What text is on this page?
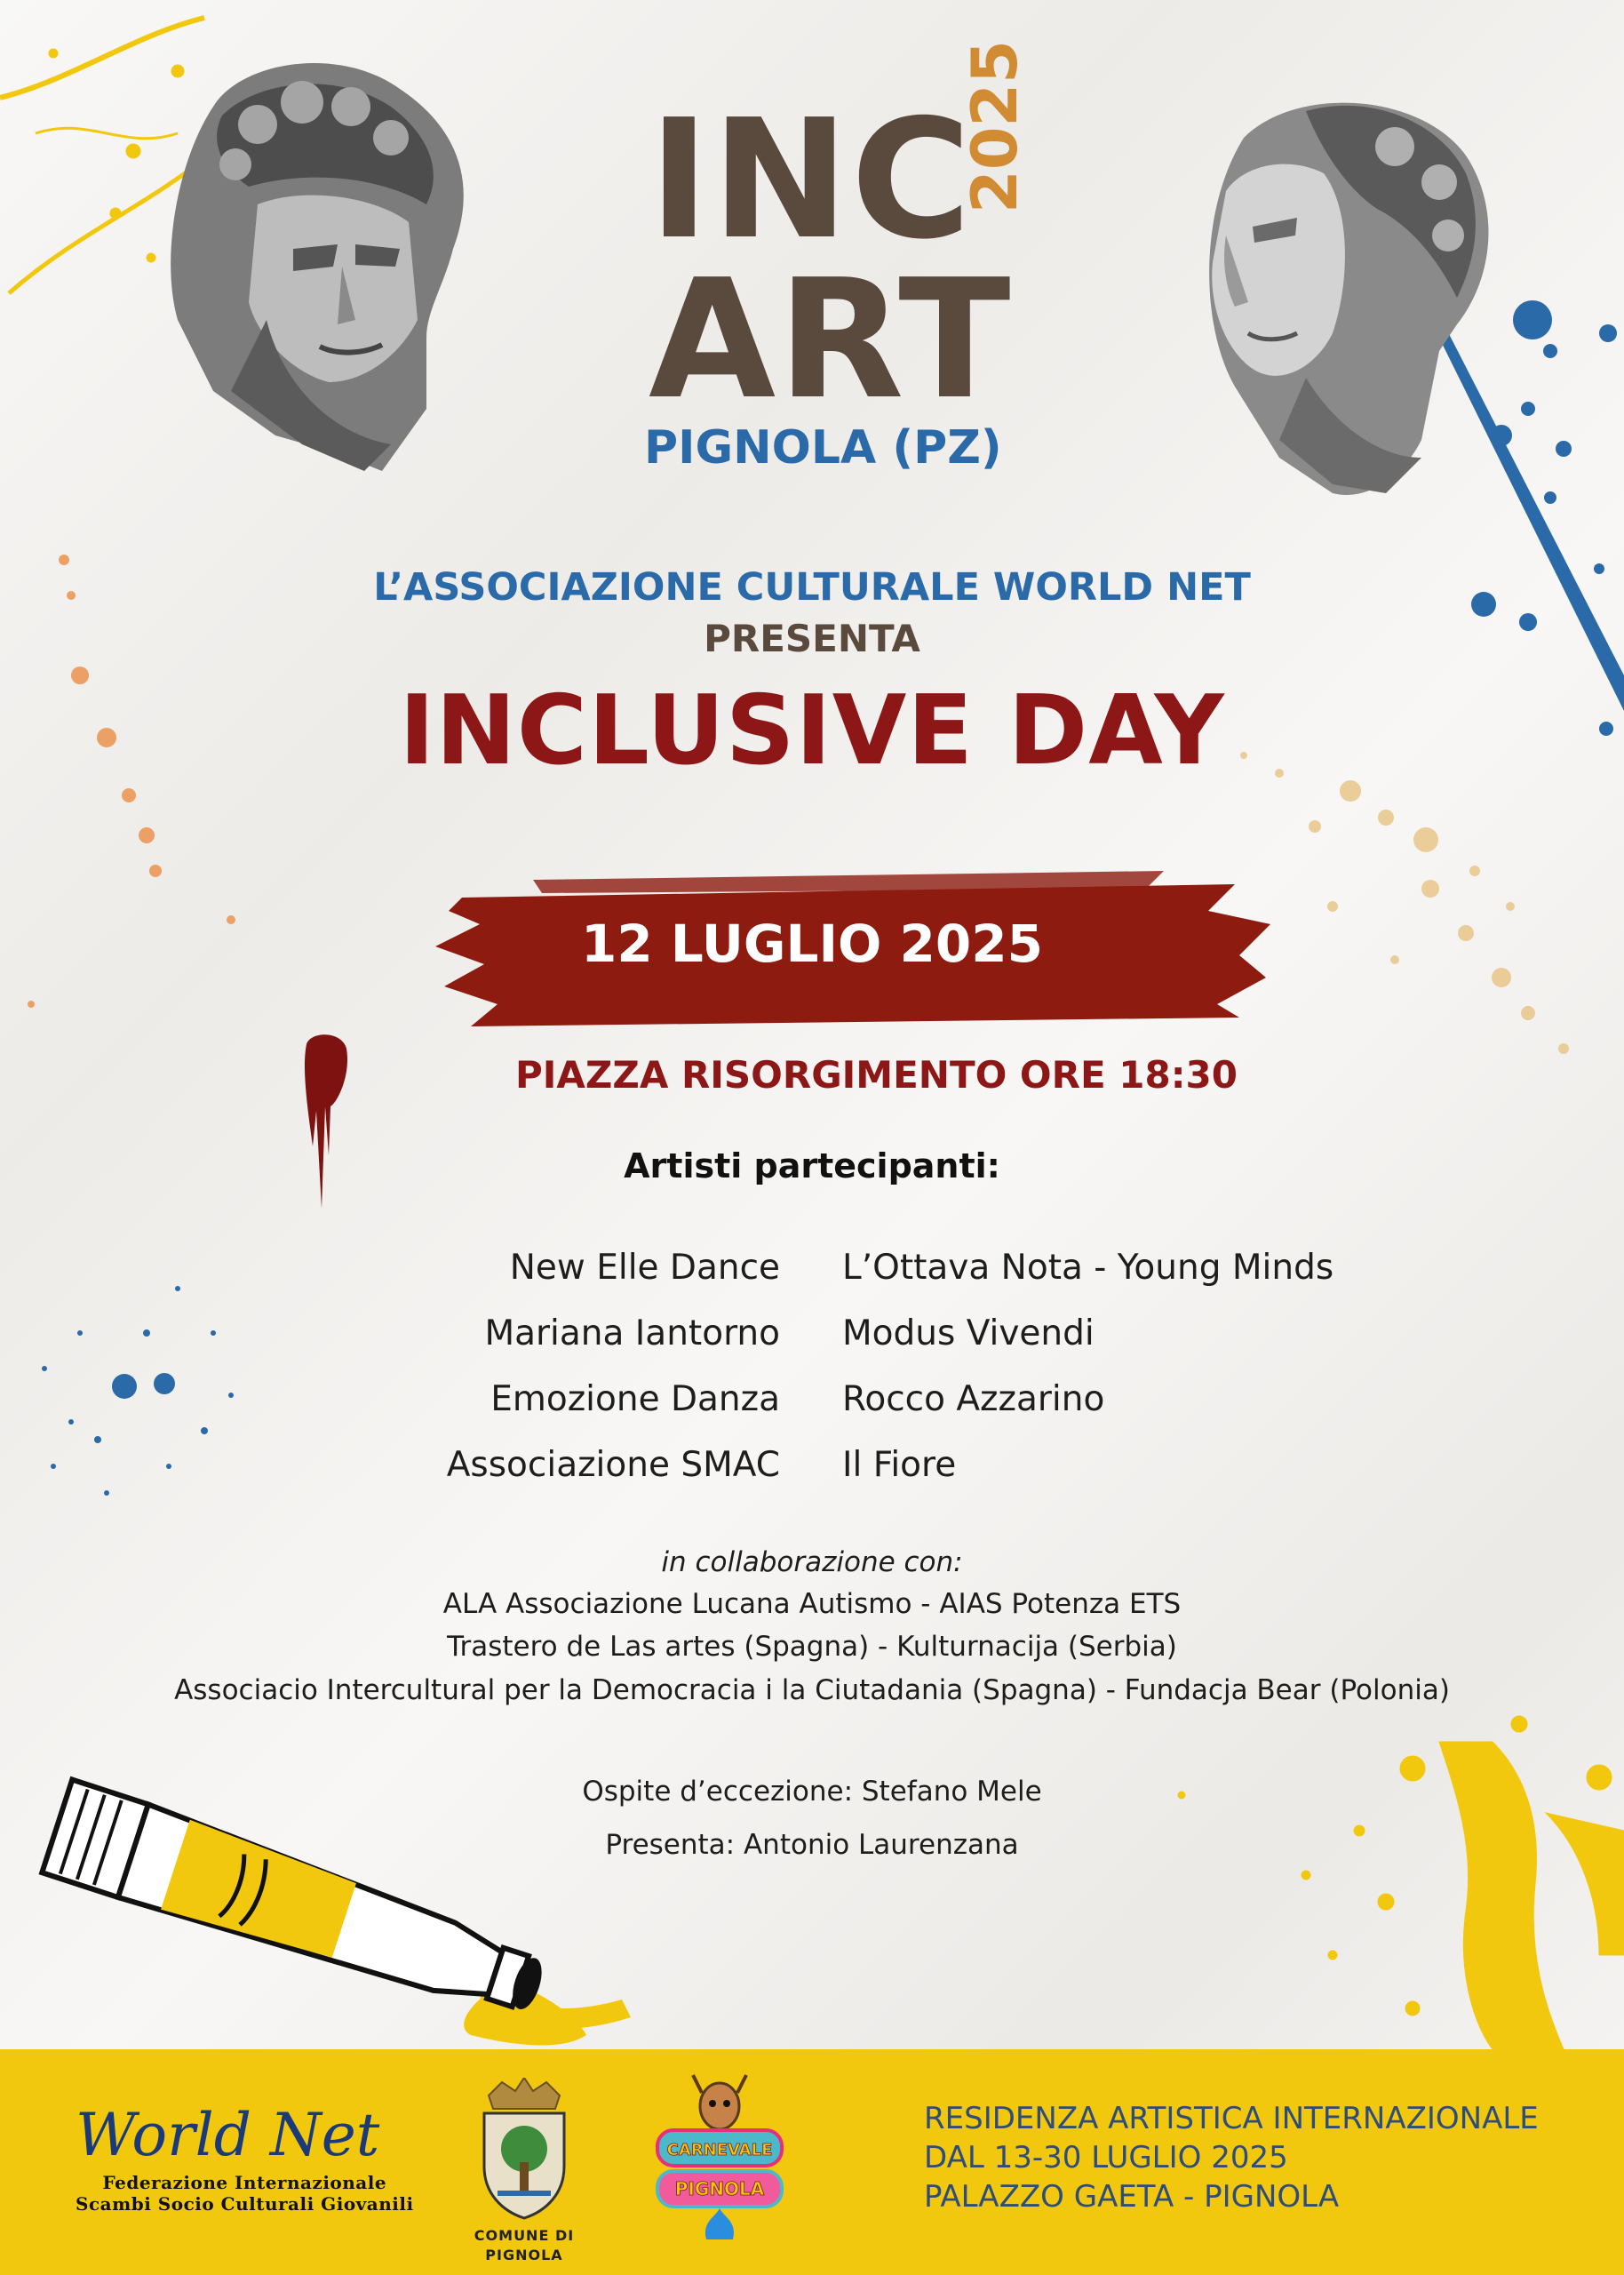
INC
ART
2025
PIGNOLA (PZ)
L’ASSOCIAZIONE CULTURALE WORLD NET
PRESENTA
INCLUSIVE DAY
12 LUGLIO 2025
PIAZZA RISORGIMENTO ORE 18:30
Artisti partecipanti:
New Elle Dance
Mariana Iantorno
Emozione Danza
Associazione SMAC
L’Ottava Nota - Young Minds
Modus Vivendi
Rocco Azzarino
Il Fiore
in collaborazione con:
ALA Associazione Lucana Autismo - AIAS Potenza ETS
Trastero de Las artes (Spagna) - Kulturnacija (Serbia)
Associacio Intercultural per la Democracia i la Ciutadania (Spagna) - Fundacja Bear (Polonia)
Ospite d’eccezione: Stefano Mele
Presenta: Antonio Laurenzana
World Net
Federazione Internazionale
Scambi Socio Culturali Giovanili
COMUNE DI
PIGNOLA
CARNEVALE
PIGNOLA
RESIDENZA ARTISTICA INTERNAZIONALE
DAL 13-30 LUGLIO 2025
PALAZZO GAETA - PIGNOLA
